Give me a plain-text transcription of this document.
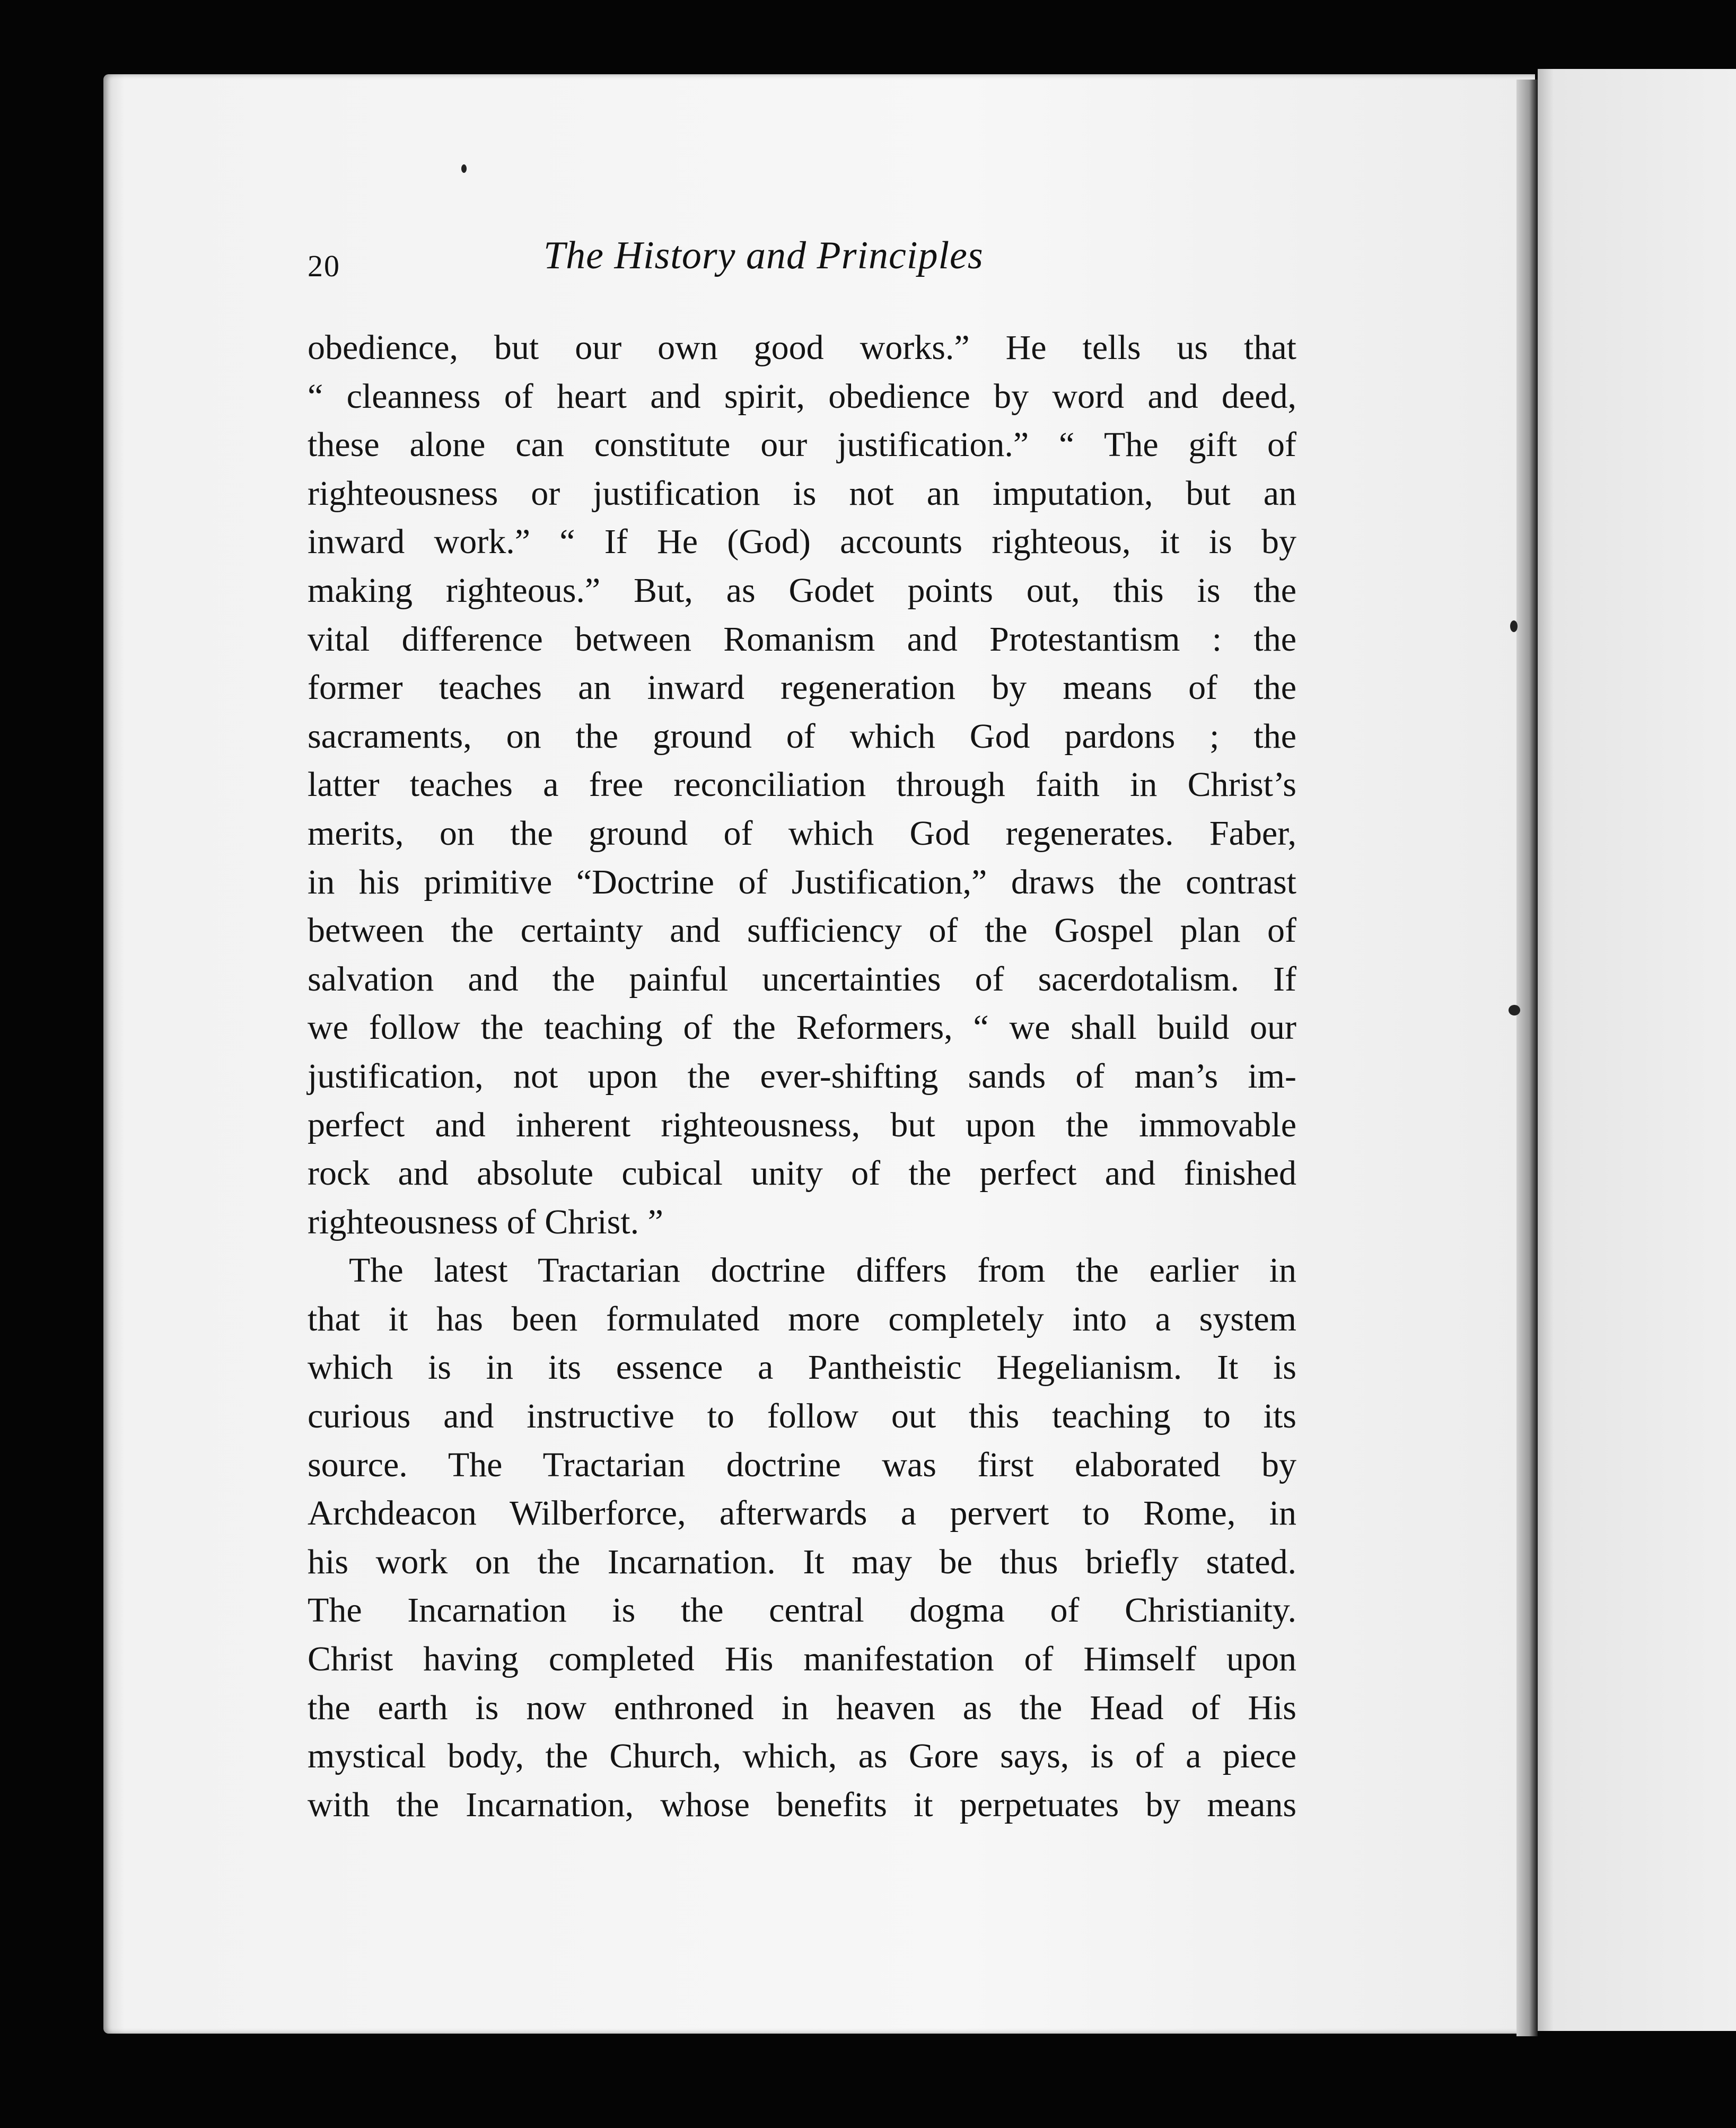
20	The History and Principles

obedience, but our own good works.” He tells us that
“ cleanness of heart and spirit, obedience by word and deed,
these alone can constitute our justification.” “ The gift of
righteousness or justification is not an imputation, but an
inward work.” “ If He (God) accounts righteous, it is by
making righteous.” But, as Godet points out, this is the
vital difference between Romanism and Protestantism : the
former teaches an inward regeneration by means of the
sacraments, on the ground of which God pardons ; the
latter teaches a free reconciliation through faith in Christ’s
merits, on the ground of which God regenerates. Faber,
in his primitive “Doctrine of Justification,” draws the contrast
between the certainty and sufficiency of the Gospel plan of
salvation and the painful uncertainties of sacerdotalism. If
we follow the teaching of the Reformers, “ we shall build our
justification, not upon the ever-shifting sands of man’s im-
perfect and inherent righteousness, but upon the immovable
rock and absolute cubical unity of the perfect and finished
righteousness of Christ. ”

The latest Tractarian doctrine differs from the earlier in
that it has been formulated more completely into a system
which is in its essence a Pantheistic Hegelianism. It is
curious and instructive to follow out this teaching to its
source. The Tractarian doctrine was first elaborated by
Archdeacon Wilberforce, afterwards a pervert to Rome, in
his work on the Incarnation. It may be thus briefly stated.
The Incarnation is the central dogma of Christianity.
Christ having completed His manifestation of Himself upon
the earth is now enthroned in heaven as the Head of His
mystical body, the Church, which, as Gore says, is of a piece
with the Incarnation, whose benefits it perpetuates by means
